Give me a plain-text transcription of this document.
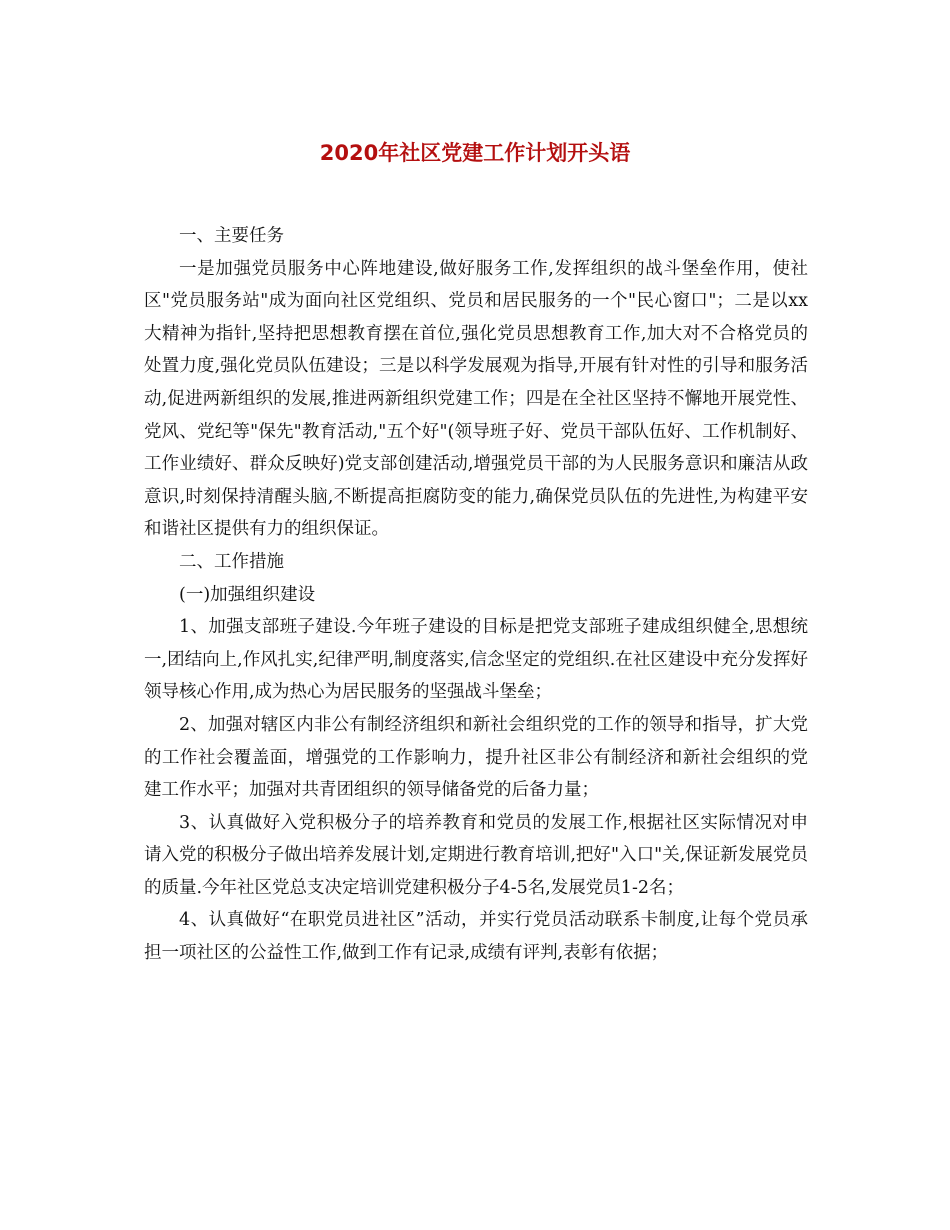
2020年社区党建工作计划开头语

一、主要任务

一是加强党员服务中心阵地建设,做好服务工作,发挥组织的战斗堡垒作用，使社区"党员服务站"成为面向社区党组织、党员和居民服务的一个"民心窗口"；二是以xx大精神为指针,坚持把思想教育摆在首位,强化党员思想教育工作,加大对不合格党员的处置力度,强化党员队伍建设；三是以科学发展观为指导,开展有针对性的引导和服务活动,促进两新组织的发展,推进两新组织党建工作；四是在全社区坚持不懈地开展党性、党风、党纪等"保先"教育活动,"五个好"(领导班子好、党员干部队伍好、工作机制好、工作业绩好、群众反映好)党支部创建活动,增强党员干部的为人民服务意识和廉洁从政意识,时刻保持清醒头脑,不断提高拒腐防变的能力,确保党员队伍的先进性,为构建平安和谐社区提供有力的组织保证。

二、工作措施

(一)加强组织建设

1、加强支部班子建设.今年班子建设的目标是把党支部班子建成组织健全,思想统一,团结向上,作风扎实,纪律严明,制度落实,信念坚定的党组织.在社区建设中充分发挥好领导核心作用,成为热心为居民服务的坚强战斗堡垒；

2、加强对辖区内非公有制经济组织和新社会组织党的工作的领导和指导，扩大党的工作社会覆盖面，增强党的工作影响力，提升社区非公有制经济和新社会组织的党建工作水平；加强对共青团组织的领导储备党的后备力量；

3、认真做好入党积极分子的培养教育和党员的发展工作,根据社区实际情况对申请入党的积极分子做出培养发展计划,定期进行教育培训,把好"入口"关,保证新发展党员的质量.今年社区党总支决定培训党建积极分子4-5名,发展党员1-2名；

4、认真做好“在职党员进社区”活动，并实行党员活动联系卡制度,让每个党员承担一项社区的公益性工作,做到工作有记录,成绩有评判,表彰有依据；
